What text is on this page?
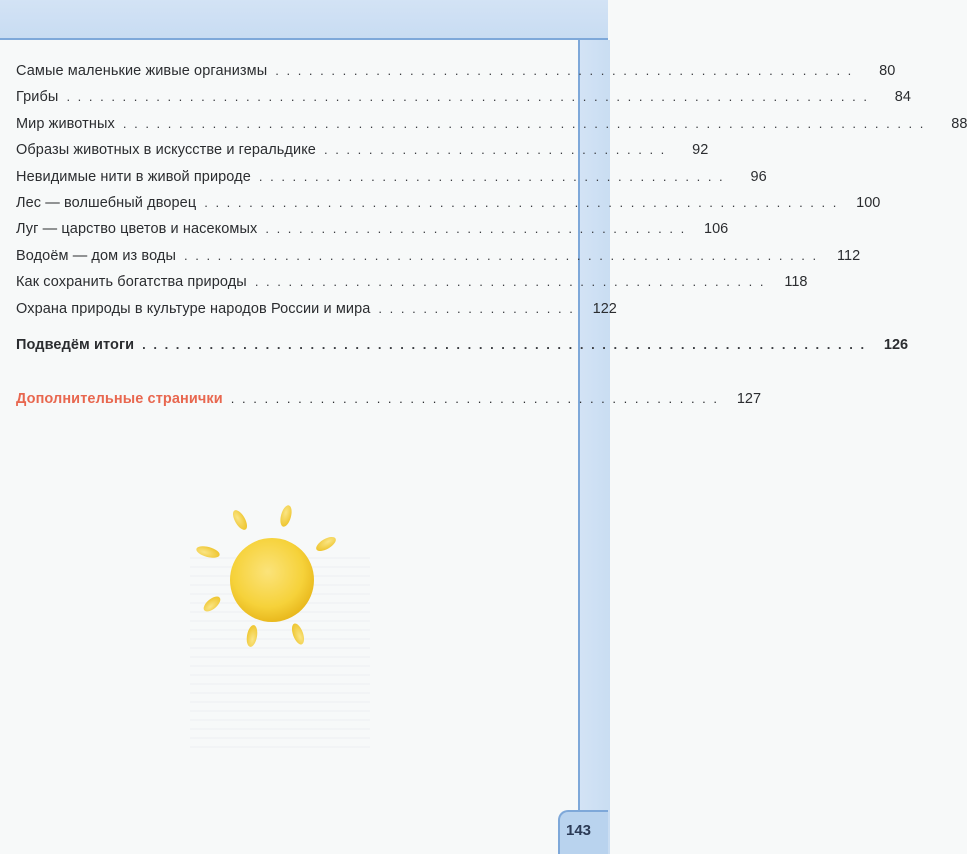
Самые маленькие живые организмы . . . . . . . . . . . . . . . . . . . . . . . . . . . . . . . . . . . . . . . . . . . . . . . . . . . .	80
Грибы . . . . . . . . . . . . . . . . . . . . . . . . . . . . . . . . . . . . . . . . . . . . . . . . . . . . . . . . . . . . . . . . . . . . . . . .	84
Мир животных . . . . . . . . . . . . . . . . . . . . . . . . . . . . . . . . . . . . . . . . . . . . . . . . . . . . . . . . . . . . . . . . . . . . . . . .	88
Образы животных в искусстве и геральдике . . . . . . . . . . . . . . . . . . . . . . . . . . . . . . .	92
Невидимые нити в живой природе . . . . . . . . . . . . . . . . . . . . . . . . . . . . . . . . . . . . . . . . . .	96
Лес — волшебный дворец . . . . . . . . . . . . . . . . . . . . . . . . . . . . . . . . . . . . . . . . . . . . . . . . . . . . . . . . .	100
Луг — царство цветов и насекомых . . . . . . . . . . . . . . . . . . . . . . . . . . . . . . . . . . . . . .	106
Водоём — дом из воды . . . . . . . . . . . . . . . . . . . . . . . . . . . . . . . . . . . . . . . . . . . . . . . . . . . . . . . . .	112
Как сохранить богатства природы . . . . . . . . . . . . . . . . . . . . . . . . . . . . . . . . . . . . . . . . . . . . . .	118
Охрана природы в культуре народов России и мира . . . . . . . . . . . . . . . . . .	122
Подведём итоги . . . . . . . . . . . . . . . . . . . . . . . . . . . . . . . . . . . . . . . . . . . . . . . . . . . . . . . . . . . . . . . . .	126
Дополнительные странички . . . . . . . . . . . . . . . . . . . . . . . . . . . . . . . . . . . . . . . . . . . .	127
143
